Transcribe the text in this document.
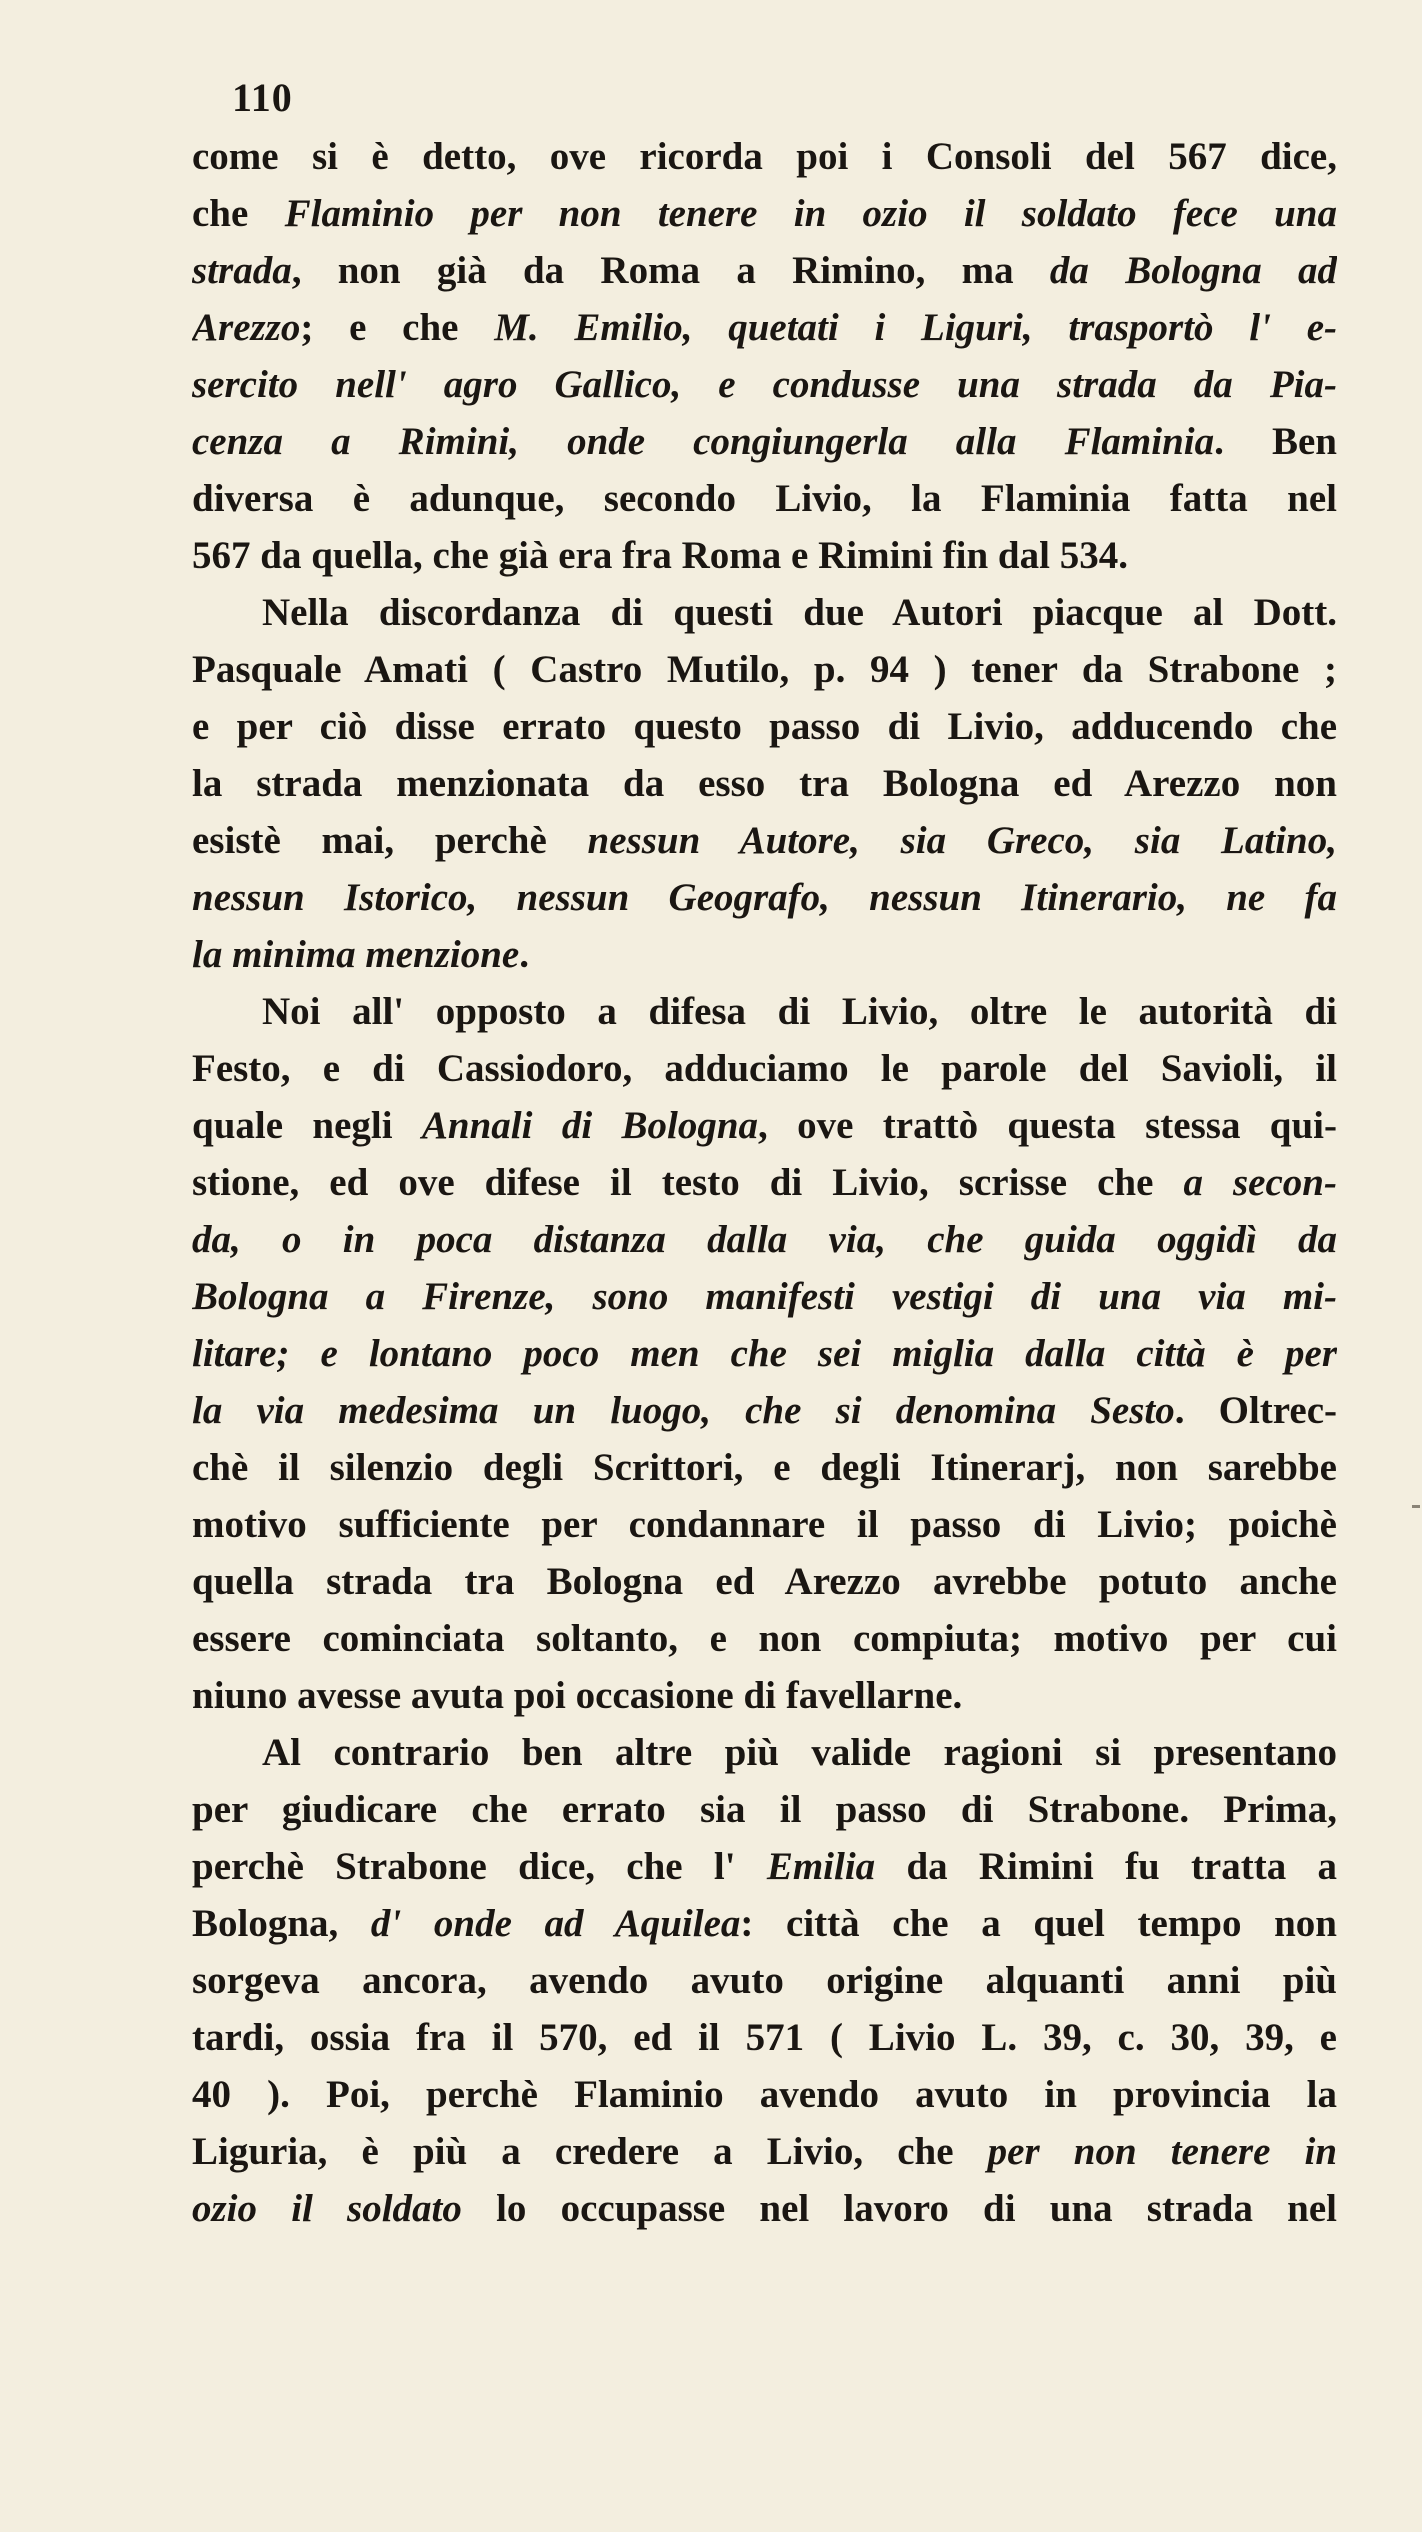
110
come si è detto, ove ricorda poi i Consoli del 567 dice,
che Flaminio per non tenere in ozio il soldato fece una
strada, non già da Roma a Rimino, ma da Bologna ad
Arezzo; e che M. Emilio, quetati i Liguri, trasportò l' e-
sercito nell' agro Gallico, e condusse una strada da Pia-
cenza a Rimini, onde congiungerla alla Flaminia. Ben
diversa è adunque, secondo Livio, la Flaminia fatta nel
567 da quella, che già era fra Roma e Rimini fin dal 534.
Nella discordanza di questi due Autori piacque al Dott.
Pasquale Amati ( Castro Mutilo, p. 94 ) tener da Strabone ;
e per ciò disse errato questo passo di Livio, adducendo che
la strada menzionata da esso tra Bologna ed Arezzo non
esistè mai, perchè nessun Autore, sia Greco, sia Latino,
nessun Istorico, nessun Geografo, nessun Itinerario, ne fa
la minima menzione.
Noi all' opposto a difesa di Livio, oltre le autorità di
Festo, e di Cassiodoro, adduciamo le parole del Savioli, il
quale negli Annali di Bologna, ove trattò questa stessa qui-
stione, ed ove difese il testo di Livio, scrisse che a secon-
da, o in poca distanza dalla via, che guida oggidì da
Bologna a Firenze, sono manifesti vestigi di una via mi-
litare; e lontano poco men che sei miglia dalla città è per
la via medesima un luogo, che si denomina Sesto. Oltrec-
chè il silenzio degli Scrittori, e degli Itinerarj, non sarebbe
motivo sufficiente per condannare il passo di Livio; poichè
quella strada tra Bologna ed Arezzo avrebbe potuto anche
essere cominciata soltanto, e non compiuta; motivo per cui
niuno avesse avuta poi occasione di favellarne.
Al contrario ben altre più valide ragioni si presentano
per giudicare che errato sia il passo di Strabone. Prima,
perchè Strabone dice, che l' Emilia da Rimini fu tratta a
Bologna, d' onde ad Aquilea: città che a quel tempo non
sorgeva ancora, avendo avuto origine alquanti anni più
tardi, ossia fra il 570, ed il 571 ( Livio L. 39, c. 30, 39, e
40 ). Poi, perchè Flaminio avendo avuto in provincia la
Liguria, è più a credere a Livio, che per non tenere in
ozio il soldato lo occupasse nel lavoro di una strada nel
